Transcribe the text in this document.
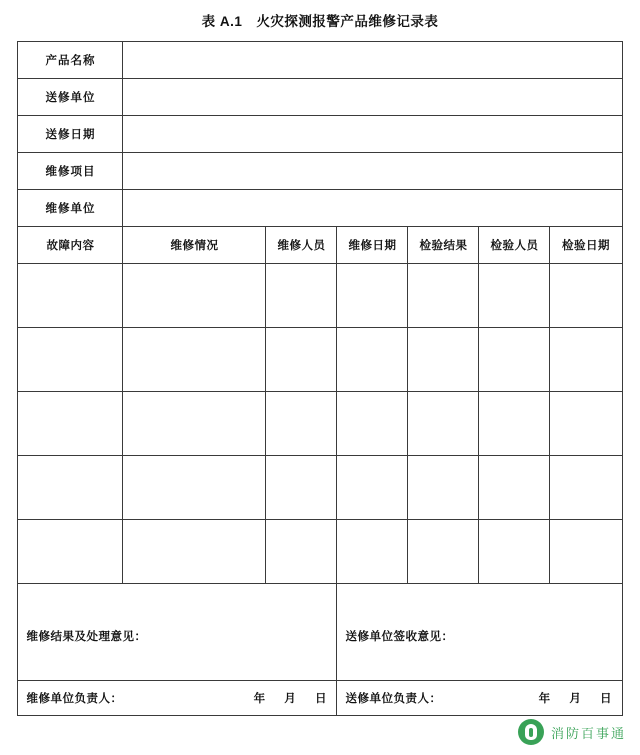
表 A.1 火灾探测报警产品维修记录表
产品名称						
送修单位						
送修日期						
维修项目						
维修单位						
故障内容	维修情况	维修人员	维修日期	检验结果	检验人员	检验日期

维修结果及处理意见：			送修单位签收意见：			

维修单位负责人： 年 月 日			送修单位负责人： 年 月 日			
消防百事通
